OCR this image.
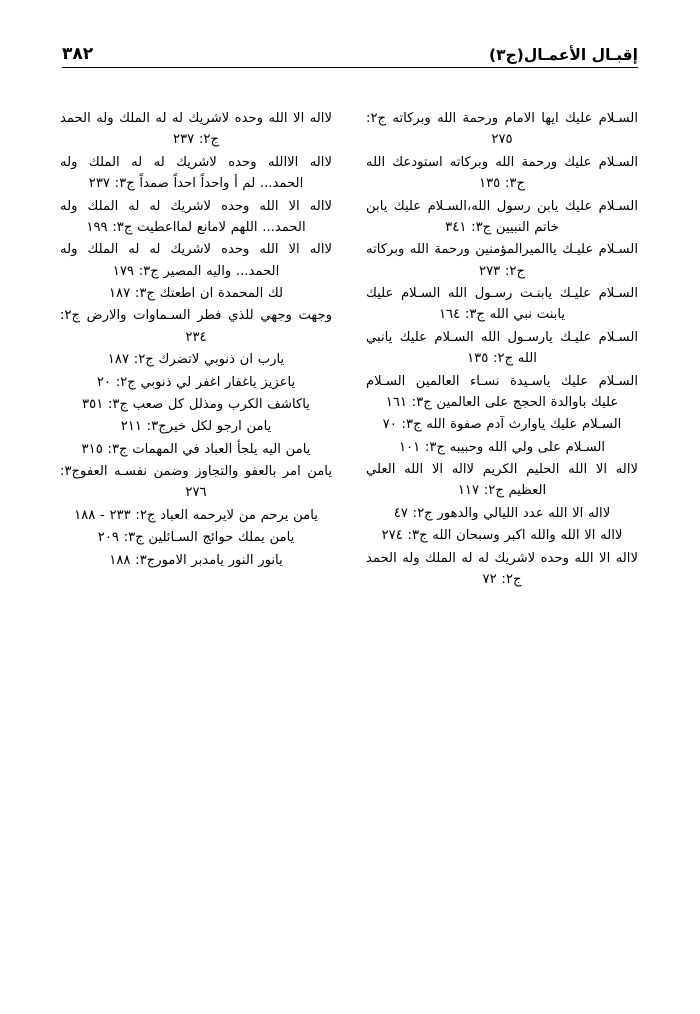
إقبـال الأعمـال(ج٣)
٣٨٢

السـلام عليك ايها الامام ورحمة الله وبركاته ج٢: ٢٧٥

السـلام عليك ورحمة الله وبركاته استودعك الله ج٣: ١٣٥

السـلام عليك يابن رسول الله،السـلام عليك يابن خاتم النبيين ج٣: ٣٤١

السـلام عليـك ياالميرالمؤمنين ورحمة الله وبركاته ج٢: ٢٧٣

السـلام عليـك يابنـت رسـول الله السـلام عليك يابنت نبي الله ج٣: ١٦٤

السـلام عليـك يارسـول الله السـلام عليك يانبي الله ج٢: ١٣٥

السـلام عليك ياسـيدة نسـاء العالمين السـلام عليك باوالدة الحجج على العالمين ج٣: ١٦١

السـلام عليك ياوارث آدم صفوة الله ج٣: ٧٠

السـلام على ولي الله وحبيبه ج٣: ١٠١

لااله الا الله الحليم الكريم لااله الا الله العلي العظيم ج٢: ١١٧

لااله الا الله عدد الليالي والدهور ج٢: ٤٧

لااله الا الله والله اكبر وسبحان الله ج٣: ٢٧٤

لااله الا الله وحده لاشريك له له الملك وله الحمد ج٢: ٧٢

لااله الا الله وحده لاشريك له له الملك وله الحمد ج٢: ٢٣٧

لااله الاالله وحده لاشريك له له الملك وله الحمد... لم أ واحداً احداً صمداً ج٣: ٢٣٧

لااله الا الله وحده لاشريك له له الملك وله الحمد... اللهم لامانع لمااعطيت ج٣: ١٩٩

لااله الا الله وحده لاشريك له له الملك وله الحمد... واليه المصير ج٣: ١٧٩

لك المحمدة ان اطعتك ج٣: ١٨٧

وجهت وجهي للذي فطر السـماوات والارض ج٢: ٢٣٤

يارب ان ذنوبي لاتضرك ج٢: ١٨٧

ياعزيز ياغفار اغفر لي ذنوبي ج٢: ٢٠

ياكاشف الكرب ومذلل كل صعب ج٣: ٣٥١

يامن ارجو لكل خيرج٣: ٢١١

يامن اليه يلجأ العباد في المهمات ج٣: ٣١٥

يامن امر بالعفو والتجاوز وضمن نفسـه العفوج٣: ٢٧٦

يامن يرحم من لايرحمه العباد ج٢: ٢٣٣ - ١٨٨

يامن يملك حوائج السـائلين ج٣: ٢٠٩

يانور النور يامدبر الامورج٣: ١٨٨
